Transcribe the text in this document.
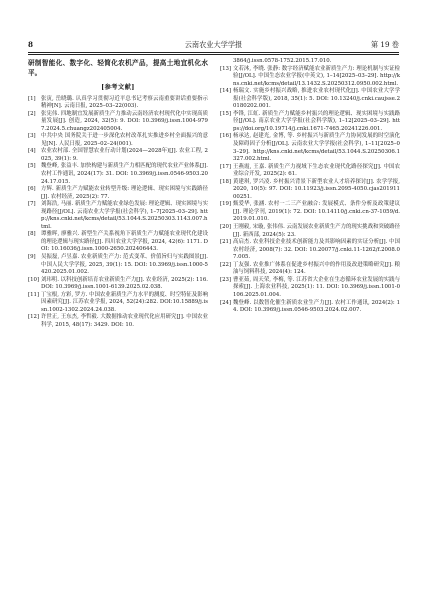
8	云南农业大学学报	第 19 卷

研制智能化、数字化、轻简化农机产品，提高土地宜机化水平。

[参考文献]
[1] 张寅, 岳晓璐. 认真学习贯彻习近平总书记考察云南重要讲话重要指示精神[N]. 云南日报, 2025–03–22(003).
[2] 张宪伟. 四地制宜发展新质生产力推动云南经济农村现代化中实现高质量发展[J]. 创造, 2024, 32(5): 9. DOI: 10.3969/j.issn.1004-9797.2024.5.chuangz202405004.
[3] 中共中央 国务院关于进一步深化农村改革扎实推进乡村全面振兴的意见[N]. 人民日报, 2025–02–24(001).
[4] 农业农村部. 全国智慧农业行动计划(2024—2028年)[J]. 农业工程, 2025, 39(1): 9.
[5] 魏登峰, 张益丰. 加快构建与新质生产力相匹配的现代农业产业体系[J]. 农村工作通讯, 2024(17): 31. DOI: 10.3969/j.issn.0546-9503.2024.17.015.
[6] 方辉. 新质生产力赋能农业转型升级: 理论逻辑、现实困境与实践路径[J]. 农村经济, 2025(2): 77.
[7] 刘海浩, 马丽. 新质生产力赋能农业绿色发展: 理论逻辑、现实困境与实现路径[J/OL]. 云南农业大学学报(社会科学), 1–7[2025–03–29]. http://kns.cnki.net/kcms/detail/53.1044.S.20250303.1143.007.html.
[8] 谭雅晖, 廖雅兴. 新型生产关系视角下新质生产力赋能农业现代化建设的理论逻辑与现实路径[J]. 四川农业大学学报, 2024, 42(6): 1171. DOI: 10.16036/j.issn.1000-2650.202406443.
[9] 吴振磊, 卢昱嘉. 农业新质生产力: 范式变革、价值旨归与实践图景[J]. 中国人民大学学报, 2025, 39(1): 15. DOI: 10.3969/j.issn.1000-5420.2025.01.002.
[10] 刘玮明. 以科技创新培育农业新质生产力[J]. 农业经济, 2025(2): 116. DOI: 10.3969/j.issn.1001-6139.2025.02.038.
[11] 丁宝根, 方彩, 罗方. 中国农业新质生产力水平的测度、时空特征及影响因素研究[J]. 江苏农业学报, 2024, 52(24):282. DOI:10.15889/j.issn.1002-1302.2024.24.038.
[12] 许世正, 王东杰, 李哲毅. 大数据推动农业现代化应用研究[J]. 中国农业科学, 2015, 48(17): 3429. DOI: 10.
3864/j.issn.0578-1752.2015.17.010.
[13] 文若沐, 李晓. 张静: 数字经济赋能农业新质生产力: 理论机制与实证检验[J/OL]. 中国生态农业学报(中英文), 1–14[2025–03–29]. http://kns.cnki.net/kcms/detail/13.1432.S.20250312.0950.002.html.
[14] 杨瑞文. 实施乡村振兴战略, 推进农业农村现代化[J]. 中国农业大学学报(社会科学版), 2018, 35(1): 5. DOI: 10.13240/j.cnki.caujsse.20180202.001.
[15] 李锋, 江虹. 新质生产力赋能乡村振兴的理论逻辑、现实困境与实践路径[J/OL]. 南京农业大学学报(社会科学版), 1–12[2025–03–29]. https://doi.org/10.19714/j.cnki.1671-7465.20241226.001.
[16] 杨承达, 赵建光, 金博, 等. 乡村振兴与新质生产力协同发展的时空演化及障碍因子分析[J/OL]. 云南农业大学学报(社会科学), 1–11[2025–03–29]. http://kns.cnki.net/kcms/detail/53.1044.S.20250306.1327.002.html.
[17] 王燕霞, 王嘉. 新质生产力视域下生态农业现代化路径探究[J]. 中国农业综合开发, 2025(2): 61.
[18] 黄建琪, 罗兴凌. 乡村振兴背景下新型农业人才培养探讨[J]. 农学学报, 2020, 10(5): 97. DOI: 10.11923/j.issn.2095-4050.cjas20191100251.
[19] 甄爱华, 张涵. 农村一二三产业融合: 发展模式、条件分析及政策建议[J]. 理论学刊, 2019(1): 72. DOI: 10.14110/j.cnki.cn-37-1059/d.2019.01.010.
[20] 王刚毅, 宋璇, 张伟伟. 云南发展农业新质生产力的现实挑战和突破路径[J]. 新西部, 2024(5): 23.
[21] 高启杰. 农业科技企业技术创新能力及其影响因素的实证分析[J]. 中国农村经济, 2008(7): 32. DOI: 10.20077/j.cnki.11-1262/f.2008.07.005.
[22] 丁友强. 农业推广体系在促进乡村振兴中的作用及改进策略研究[J]. 粮油与饲料科技, 2024(4): 124.
[23] 曹亚茹, 周天荣, 李梅, 等. 江苏省大企业在生态循环农业发展的实践与探索[J]. 上海农业科技, 2025(1): 11. DOI: 10.3969/j.issn.1001-0106.2025.01.004.
[24] 魏登峰. 以数智化催生新质农业生产力[J]. 农村工作通讯, 2024(2): 14. DOI: 10.3969/j.issn.0546-9503.2024.02.007.
